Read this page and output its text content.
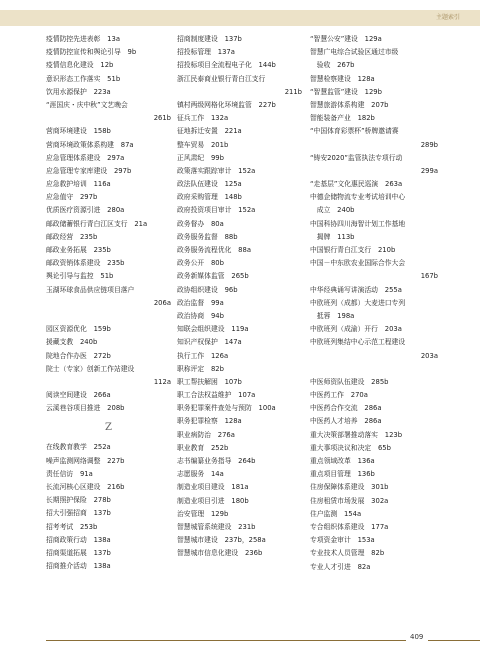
主题索引
疫情防控先进表彰　13a
疫情防控宣传和舆论引导　9b
疫情信息化建设　12b
意识形态工作落实　51b
饮用水源保护　223a
“涯国庆・庆中秋”文艺晚会
261b
营商环境建设　158b
营商环境政策体系构建　87a
应急管理体系建设　297a
应急管理专家库建设　297b
应急救护培训　116a
应急值守　297b
优质医疗资源引进　280a
邮政储蓄银行青白江区支行　21a
邮政经营　235b
邮政业务拓展　235b
邮政资销体系建设　235b
舆论引导与监控　51b
玉湖环球食品供应链项目落户
206a
园区资源优化　159b
援藏支教　240b
院地合作办医　272b
院士（专家）创新工作站建设
112a
阅读空间建设　266a
云溪巷谷项目推进　208b
Z
在线教育教学　252a
噪声监测网络调整　227b
责任信访　91a
长流河核心区建设　216b
长期照护保险　278b
招大引强招商　137b
招考考试　253b
招商政策行动　138a
招商渠道拓展　137b
招商推介活动　138a
招商制度建设　137b
招投标管理　137a
招投标项目全流程电子化　144b
浙江民泰商业银行青白江支行
211b
镇村两级网格化环境监管　227b
征兵工作　132a
征地拆迁安置　221a
整车贸易　201b
正风肃纪　99b
政策落实跟踪审计　152a
政法队伍建设　125a
政府采购管理　148b
政府投资项目审计　152a
政务督办　80a
政务服务监督　88b
政务服务流程优化　88a
政务公开　80b
政务新媒体监管　265b
政协组织建设　96b
政治监督　99a
政治协商　94b
知联会组织建设　119a
知识产权保护　147a
执行工作　126a
职称评定　82b
职工帮扶解困　107b
职工合法权益维护　107a
职务犯罪案件查处与预防　100a
职务犯罪检察　128a
职业病防治　276a
职业教育　252b
志书编纂业务指导　264b
志愿服务　14a
制造业项目建设　181a
制造业项目引进　180b
治安管理　129b
智慧城管系统建设　231b
智慧城市建设　237b，258a
智慧城市信息化建设　236b
“智慧公安”建设　129a
智慧广电综合试验区通过市级
　验收　267b
智慧检察建设　128a
“智慧监管”建设　129b
智慧旅游体系构建　207b
智能装备产业　182b
“中国体育彩票杯”桥牌邀请赛
289b
“铸安2020”监管执法专项行动
299a
“走基层”文化惠民巡演　263a
中德企储物流专业考试培训中心
　成立　240b
中国科协四川海智计划工作基地
　揭牌　113b
中国银行青白江支行　210b
中国－中东欧农业国际合作大会
167b
中华经典诵写讲演活动　255a
中欧班列（成都）大麦进口专列
　抵蓉　198a
中欧班列（成渝）开行　203a
中欧班列集结中心示范工程建设
203a
中医师资队伍建设　285b
中医药工作　270a
中医药合作交流　286a
中医药人才培养　286a
重大决策部署推动落实　123b
重大事项决议和决定　65b
重点领域改革　136a
重点项目管理　136b
住房保障体系建设　301b
住房租赁市场发展　302a
住户监测　154a
专合组织体系建设　177a
专项资金审计　153a
专业技术人员管理　82b
专业人才引进　82a
409
